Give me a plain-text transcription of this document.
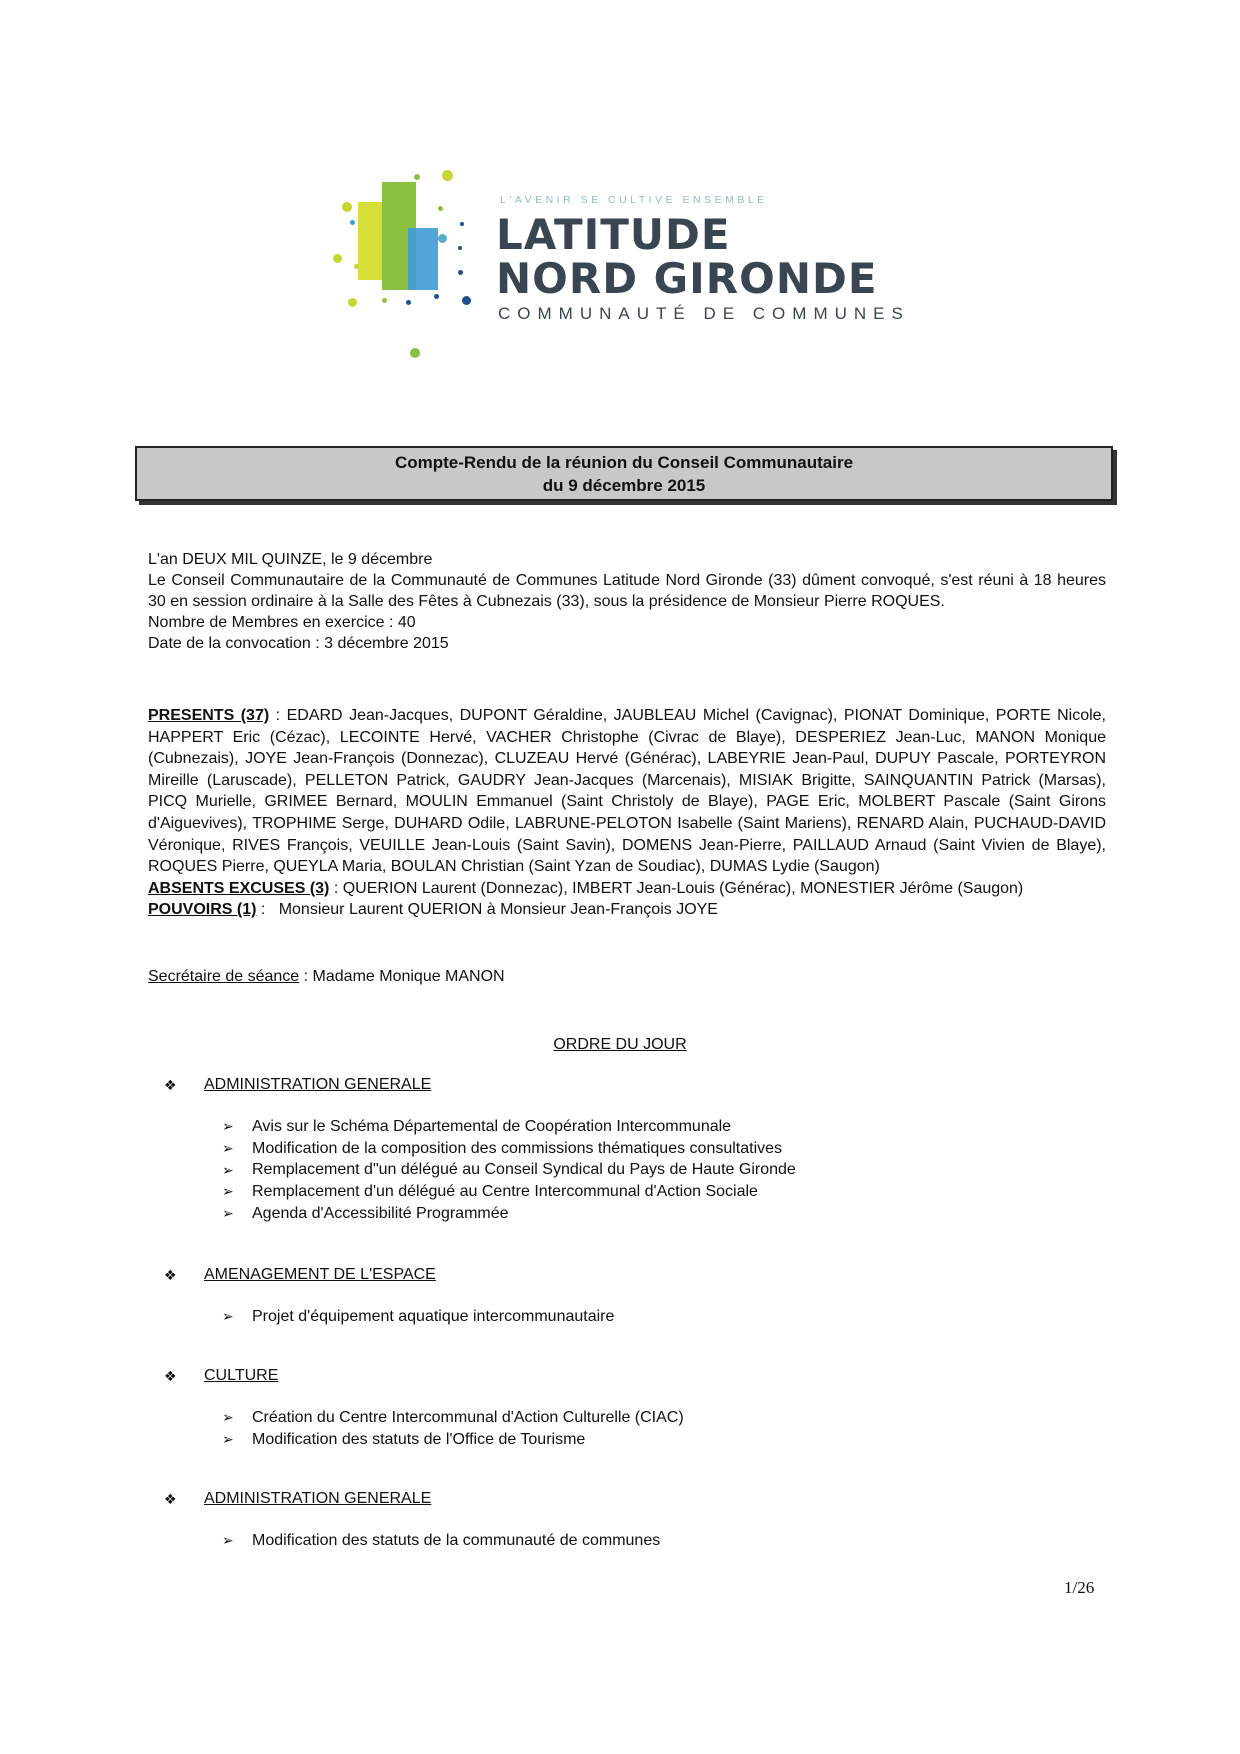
L'AVENIR SE CULTIVE ENSEMBLE
LATITUDE
NORD GIRONDE
COMMUNAUTÉ DE COMMUNES
Compte-Rendu de la réunion du Conseil Communautaire
du 9 décembre 2015

L'an DEUX MIL QUINZE, le 9 décembre

Le Conseil Communautaire de la Communauté de Communes Latitude Nord Gironde (33) dûment convoqué, s'est réuni à 18 heures 30 en session ordinaire à la Salle des Fêtes à Cubnezais (33), sous la présidence de Monsieur Pierre ROQUES.

Nombre de Membres en exercice : 40

Date de la convocation : 3 décembre 2015

PRESENTS (37) : EDARD Jean-Jacques, DUPONT Géraldine, JAUBLEAU Michel (Cavignac), PIONAT Dominique, PORTE Nicole, HAPPERT Eric (Cézac), LECOINTE Hervé, VACHER Christophe (Civrac de Blaye), DESPERIEZ Jean-Luc, MANON Monique (Cubnezais), JOYE Jean-François (Donnezac), CLUZEAU Hervé (Générac), LABEYRIE Jean-Paul, DUPUY Pascale, PORTEYRON Mireille (Laruscade), PELLETON Patrick, GAUDRY Jean-Jacques (Marcenais), MISIAK Brigitte, SAINQUANTIN Patrick (Marsas), PICQ Murielle, GRIMEE Bernard, MOULIN Emmanuel (Saint Christoly de Blaye), PAGE Eric, MOLBERT Pascale (Saint Girons d'Aiguevives), TROPHIME Serge, DUHARD Odile, LABRUNE-PELOTON Isabelle (Saint Mariens), RENARD Alain, PUCHAUD-DAVID Véronique, RIVES François, VEUILLE Jean-Louis (Saint Savin), DOMENS Jean-Pierre, PAILLAUD Arnaud (Saint Vivien de Blaye), ROQUES Pierre, QUEYLA Maria, BOULAN Christian (Saint Yzan de Soudiac), DUMAS Lydie (Saugon)

ABSENTS EXCUSES (3) : QUERION Laurent (Donnezac), IMBERT Jean-Louis (Générac), MONESTIER Jérôme (Saugon)

POUVOIRS (1) :   Monsieur Laurent QUERION à Monsieur Jean-François JOYE

Secrétaire de séance : Madame Monique MANON
ORDRE DU JOUR
❖	ADMINISTRATION GENERALE
➢	Avis sur le Schéma Départemental de Coopération Intercommunale
➢	Modification de la composition des commissions thématiques consultatives
➢	Remplacement d"un délégué au Conseil Syndical du Pays de Haute Gironde
➢	Remplacement d'un délégué au Centre Intercommunal d'Action Sociale
➢	Agenda d'Accessibilité Programmée
❖	AMENAGEMENT DE L'ESPACE
➢	Projet d'équipement aquatique intercommunautaire
❖	CULTURE
➢	Création du Centre Intercommunal d'Action Culturelle (CIAC)
➢	Modification des statuts de l'Office de Tourisme
❖	ADMINISTRATION GENERALE
➢	Modification des statuts de la communauté de communes
1/26
